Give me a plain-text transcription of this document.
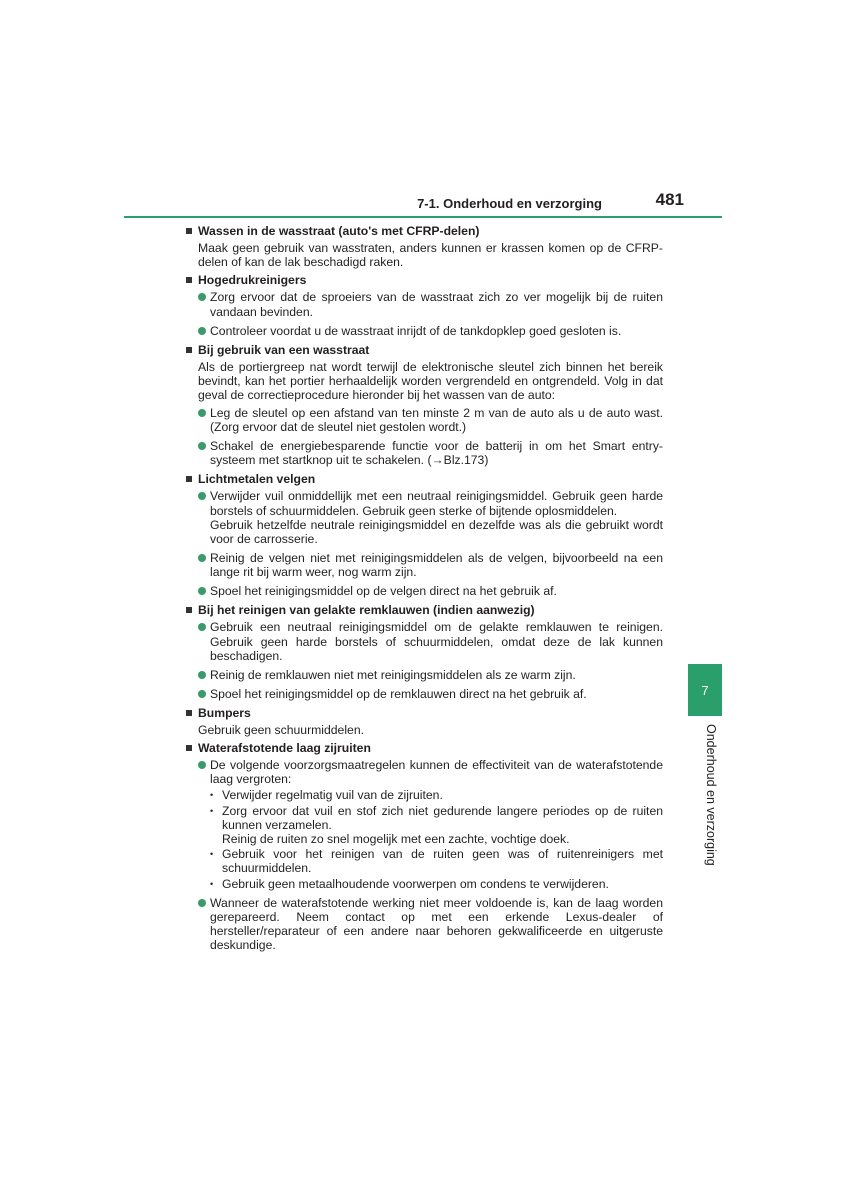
7-1. Onderhoud en verzorging	481
Wassen in de wasstraat (auto's met CFRP-delen)
Maak geen gebruik van wasstraten, anders kunnen er krassen komen op de CFRP-delen of kan de lak beschadigd raken.
Hogedrukreinigers
Zorg ervoor dat de sproeiers van de wasstraat zich zo ver mogelijk bij de ruiten vandaan bevinden.
Controleer voordat u de wasstraat inrijdt of de tankdopklep goed gesloten is.
Bij gebruik van een wasstraat
Als de portiergreep nat wordt terwijl de elektronische sleutel zich binnen het bereik bevindt, kan het portier herhaaldelijk worden vergrendeld en ontgrendeld. Volg in dat geval de correctieprocedure hieronder bij het wassen van de auto:
Leg de sleutel op een afstand van ten minste 2 m van de auto als u de auto wast. (Zorg ervoor dat de sleutel niet gestolen wordt.)
Schakel de energiebesparende functie voor de batterij in om het Smart entry-systeem met startknop uit te schakelen. (→Blz.173)
Lichtmetalen velgen
Verwijder vuil onmiddellijk met een neutraal reinigingsmiddel. Gebruik geen harde borstels of schuurmiddelen. Gebruik geen sterke of bijtende oplosmiddelen.
Gebruik hetzelfde neutrale reinigingsmiddel en dezelfde was als die gebruikt wordt voor de carrosserie.
Reinig de velgen niet met reinigingsmiddelen als de velgen, bijvoorbeeld na een lange rit bij warm weer, nog warm zijn.
Spoel het reinigingsmiddel op de velgen direct na het gebruik af.
Bij het reinigen van gelakte remklauwen (indien aanwezig)
Gebruik een neutraal reinigingsmiddel om de gelakte remklauwen te reinigen. Gebruik geen harde borstels of schuurmiddelen, omdat deze de lak kunnen beschadigen.
Reinig de remklauwen niet met reinigingsmiddelen als ze warm zijn.
Spoel het reinigingsmiddel op de remklauwen direct na het gebruik af.
Bumpers
Gebruik geen schuurmiddelen.
Waterafstotende laag zijruiten
De volgende voorzorgsmaatregelen kunnen de effectiviteit van de waterafstotende laag vergroten:
• Verwijder regelmatig vuil van de zijruiten.
• Zorg ervoor dat vuil en stof zich niet gedurende langere periodes op de ruiten kunnen verzamelen.
Reinig de ruiten zo snel mogelijk met een zachte, vochtige doek.
• Gebruik voor het reinigen van de ruiten geen was of ruitenreinigers met schuurmiddelen.
• Gebruik geen metaalhoudende voorwerpen om condens te verwijderen.
Wanneer de waterafstotende werking niet meer voldoende is, kan de laag worden gerepareerd. Neem contact op met een erkende Lexus-dealer of hersteller/reparateur of een andere naar behoren gekwalificeerde en uitgeruste deskundige.
7
Onderhoud en verzorging
